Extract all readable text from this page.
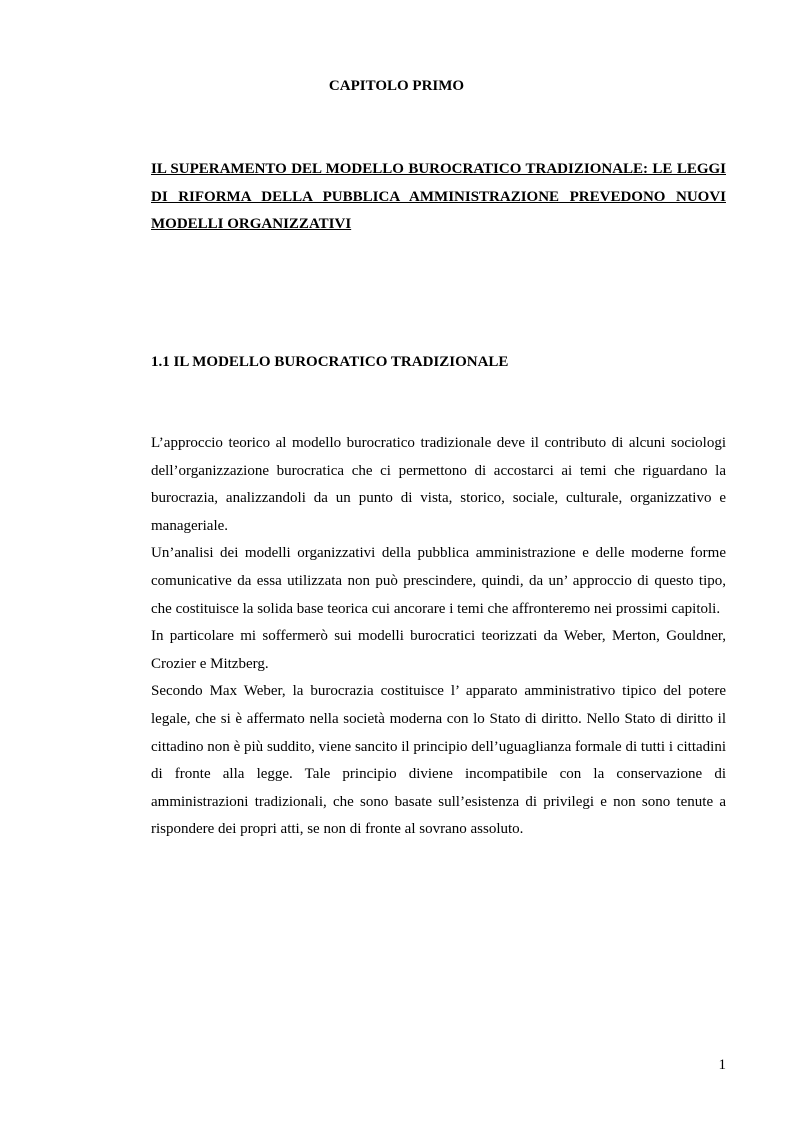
CAPITOLO PRIMO
IL SUPERAMENTO DEL MODELLO BUROCRATICO TRADIZIONALE: LE LEGGI DI RIFORMA DELLA PUBBLICA AMMINISTRAZIONE PREVEDONO NUOVI MODELLI ORGANIZZATIVI
1.1 IL MODELLO BUROCRATICO TRADIZIONALE

L’approccio teorico al modello burocratico tradizionale deve il contributo di alcuni sociologi dell’organizzazione burocratica che ci permettono di accostarci ai temi che riguardano la burocrazia, analizzandoli da un punto di vista, storico, sociale, culturale, organizzativo e manageriale.

Un’analisi dei modelli organizzativi della pubblica amministrazione e delle moderne forme comunicative da essa utilizzata non può prescindere, quindi, da un’ approccio di questo tipo, che costituisce la solida base teorica cui ancorare i temi che affronteremo nei prossimi capitoli.

In particolare mi soffermerò sui modelli burocratici teorizzati da Weber, Merton, Gouldner, Crozier e Mitzberg.

Secondo Max Weber, la burocrazia costituisce l’ apparato amministrativo tipico del potere legale, che si è affermato nella società moderna con lo Stato di diritto. Nello Stato di diritto il cittadino non è più suddito, viene sancito il principio dell’uguaglianza formale di tutti i cittadini di fronte alla legge. Tale principio diviene incompatibile con la conservazione di amministrazioni tradizionali, che sono basate sull’esistenza di privilegi e non sono tenute a rispondere dei propri atti, se non di fronte al sovrano assoluto.

1
